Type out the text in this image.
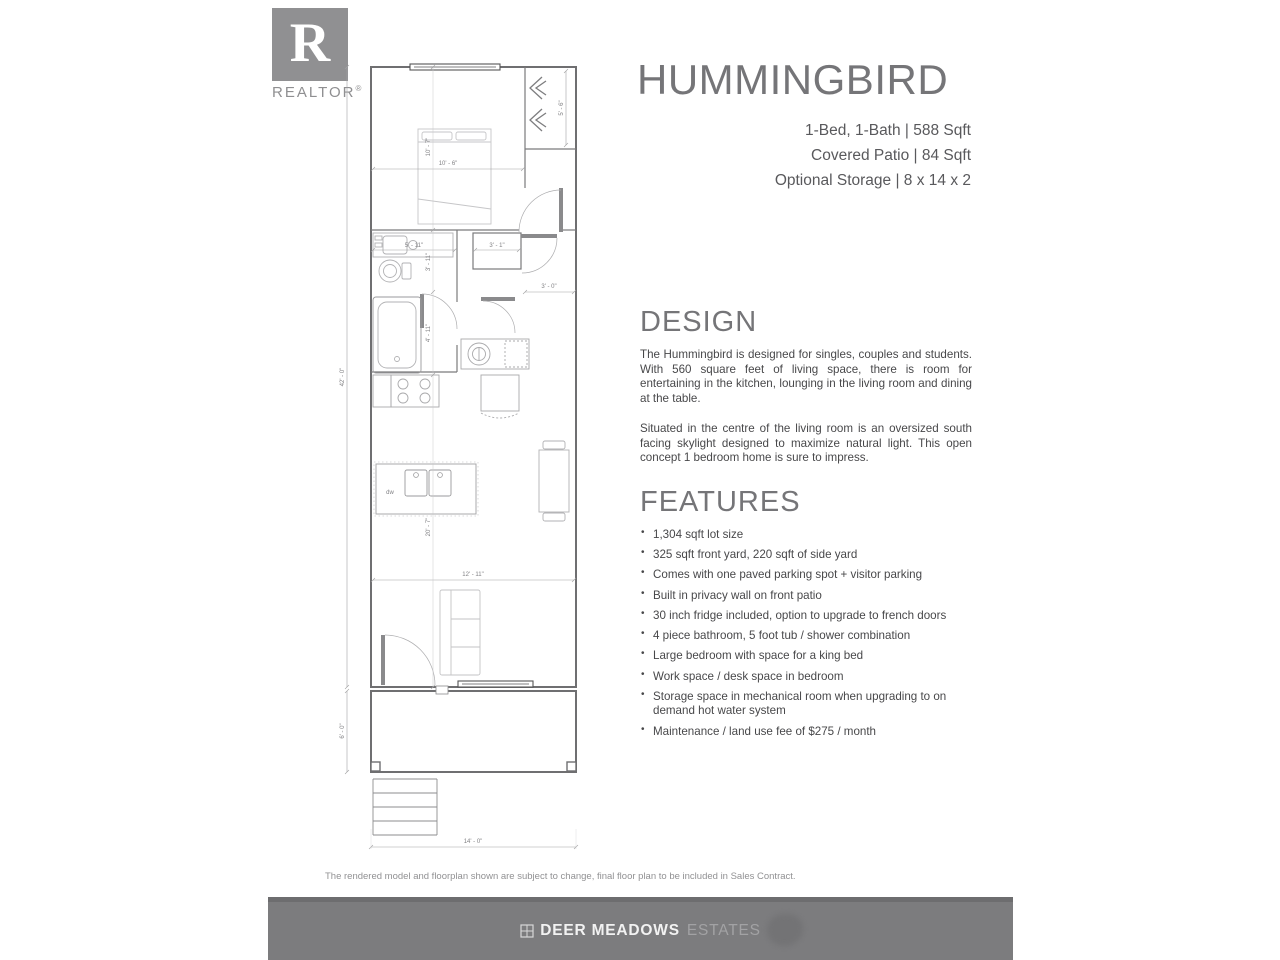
R
REALTOR®
dw
42' - 0"
6' - 0"
14' - 0"
10' - 6"
10' - 7"
5' - 6"
5' - 11"
3' - 11"
3' - 1"
3' - 0"
4' - 11"
12' - 11"
20' - 7"
HUMMINGBIRD
1-Bed, 1-Bath | 588 Sqft
Covered Patio | 84 Sqft
Optional Storage | 8 x 14 x 2
DESIGN

The Hummingbird is designed for singles, couples and students. With 560 square feet of living space, there is room for entertaining in the kitchen, lounging in the living room and dining at the table.

Situated in the centre of the living room is an oversized south facing skylight designed to maximize natural light. This open concept 1 bedroom home is sure to impress.

FEATURES
• 1,304 sqft lot size
• 325 sqft front yard, 220 sqft of side yard
• Comes with one paved parking spot + visitor parking
• Built in privacy wall on front patio
• 30 inch fridge included, option to upgrade to french doors
• 4 piece bathroom, 5 foot tub / shower combination
• Large bedroom with space for a king bed
• Work space / desk space in bedroom
• Storage space in mechanical room when upgrading to on demand hot water system
• Maintenance / land use fee of $275 / month
The rendered model and floorplan shown are subject to change, final floor plan to be included in Sales Contract.
DEER MEADOWS ESTATES
